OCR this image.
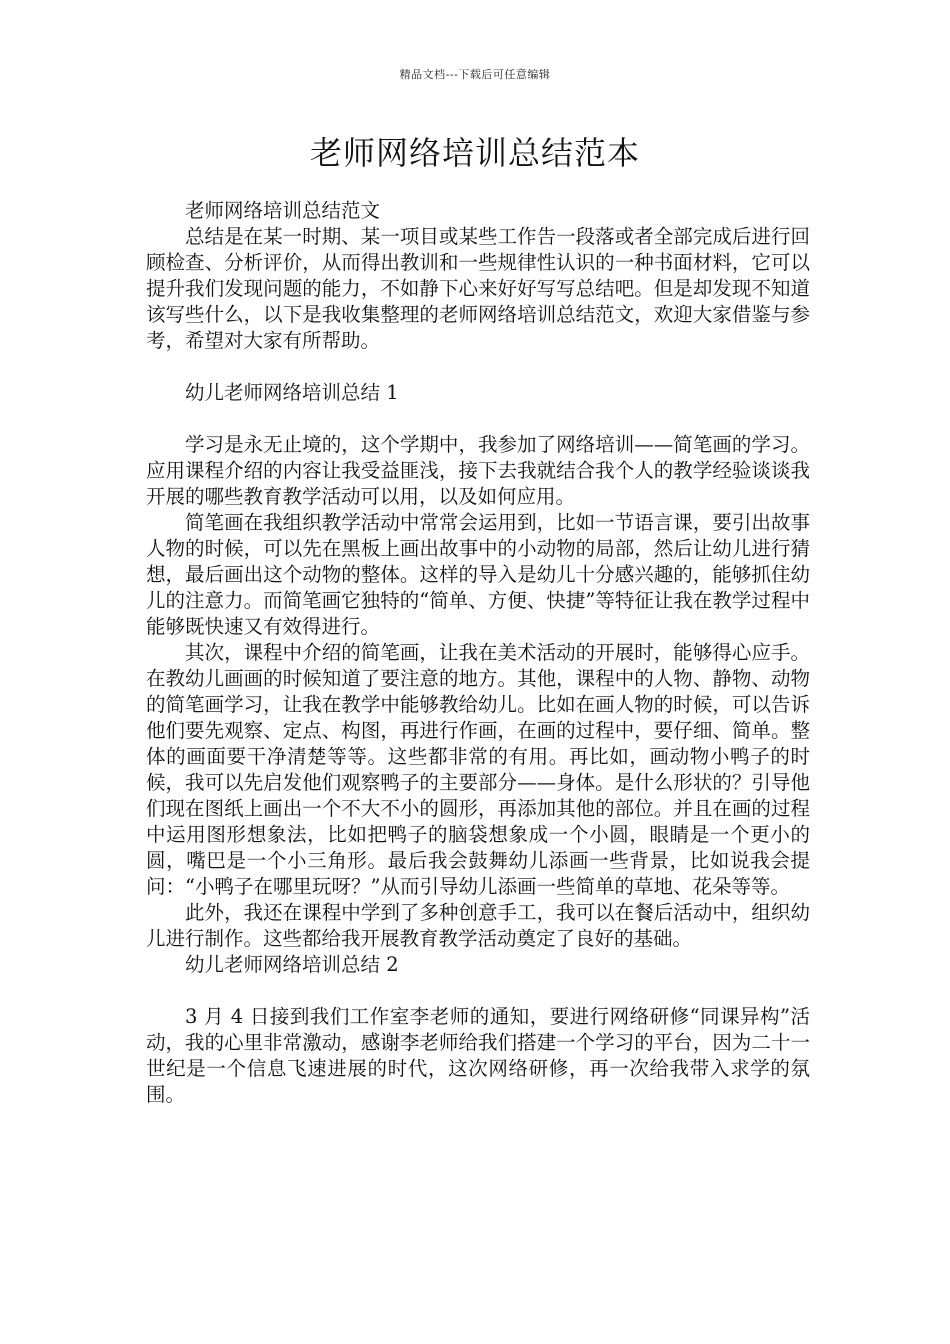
精品文档---下载后可任意编辑
老师网络培训总结范本

老师网络培训总结范文

总结是在某一时期、某一项目或某些工作告一段落或者全部完成后进行回顾检查、分析评价，从而得出教训和一些规律性认识的一种书面材料，它可以提升我们发现问题的能力，不如静下心来好好写写总结吧。但是却发现不知道该写些什么，以下是我收集整理的老师网络培训总结范文，欢迎大家借鉴与参考，希望对大家有所帮助。

幼儿老师网络培训总结 1

学习是永无止境的，这个学期中，我参加了网络培训——简笔画的学习。应用课程介绍的内容让我受益匪浅，接下去我就结合我个人的教学经验谈谈我开展的哪些教育教学活动可以用，以及如何应用。

简笔画在我组织教学活动中常常会运用到，比如一节语言课，要引出故事人物的时候，可以先在黑板上画出故事中的小动物的局部，然后让幼儿进行猜想，最后画出这个动物的整体。这样的导入是幼儿十分感兴趣的，能够抓住幼儿的注意力。而简笔画它独特的“简单、方便、快捷”等特征让我在教学过程中能够既快速又有效得进行。

其次，课程中介绍的简笔画，让我在美术活动的开展时，能够得心应手。在教幼儿画画的时候知道了要注意的地方。其他，课程中的人物、静物、动物的简笔画学习，让我在教学中能够教给幼儿。比如在画人物的时候，可以告诉他们要先观察、定点、构图，再进行作画，在画的过程中，要仔细、简单。整体的画面要干净清楚等等。这些都非常的有用。再比如，画动物小鸭子的时候，我可以先启发他们观察鸭子的主要部分——身体。是什么形状的？引导他们现在图纸上画出一个不大不小的圆形，再添加其他的部位。并且在画的过程中运用图形想象法，比如把鸭子的脑袋想象成一个小圆，眼睛是一个更小的圆，嘴巴是一个小三角形。最后我会鼓舞幼儿添画一些背景，比如说我会提问：“小鸭子在哪里玩呀？”从而引导幼儿添画一些简单的草地、花朵等等。

此外，我还在课程中学到了多种创意手工，我可以在餐后活动中，组织幼儿进行制作。这些都给我开展教育教学活动奠定了良好的基础。

幼儿老师网络培训总结 2

3 月 4 日接到我们工作室李老师的通知，要进行网络研修“同课异构”活动，我的心里非常激动，感谢李老师给我们搭建一个学习的平台，因为二十一世纪是一个信息飞速进展的时代，这次网络研修，再一次给我带入求学的氛围。
